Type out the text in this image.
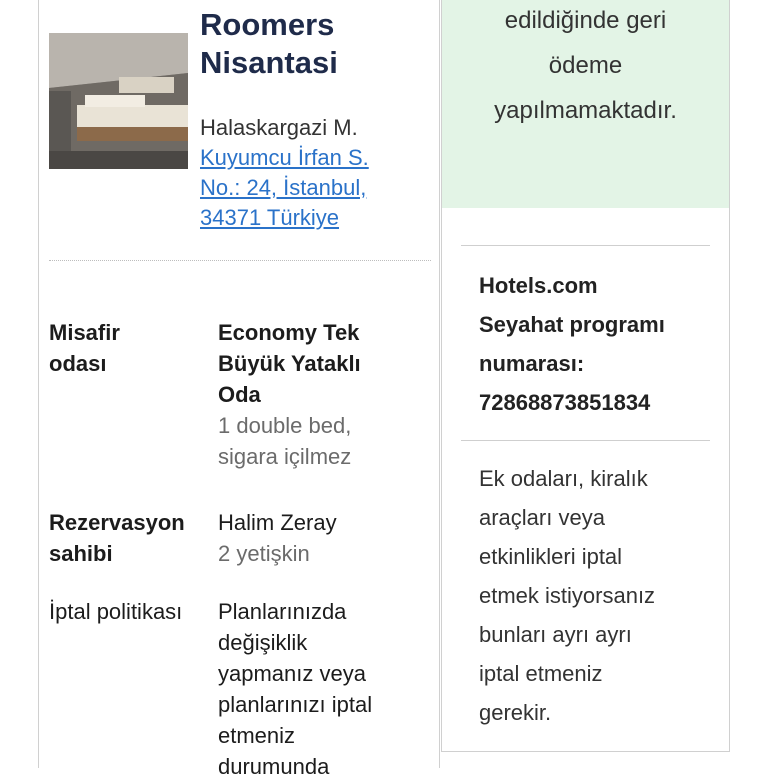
Roomers
Nisantasi
Halaskargazi M.
Kuyumcu İrfan S.
No.: 24, İstanbul,
34371 Türkiye
Misafir
odası
Economy Tek
Büyük Yataklı
Oda
1 double bed,
sigara içilmez
Rezervasyon
sahibi
Halim Zeray
2 yetişkin
İptal politikası	Planlarınızda
değişiklik
yapmanız veya
planlarınızı iptal
etmeniz
durumunda
edildiğinde geri
ödeme
yapılmamaktadır.
Hotels.com
Seyahat programı
numarası:
72868873851834
Ek odaları, kiralık
araçları veya
etkinlikleri iptal
etmek istiyorsanız
bunları ayrı ayrı
iptal etmeniz
gerekir.
